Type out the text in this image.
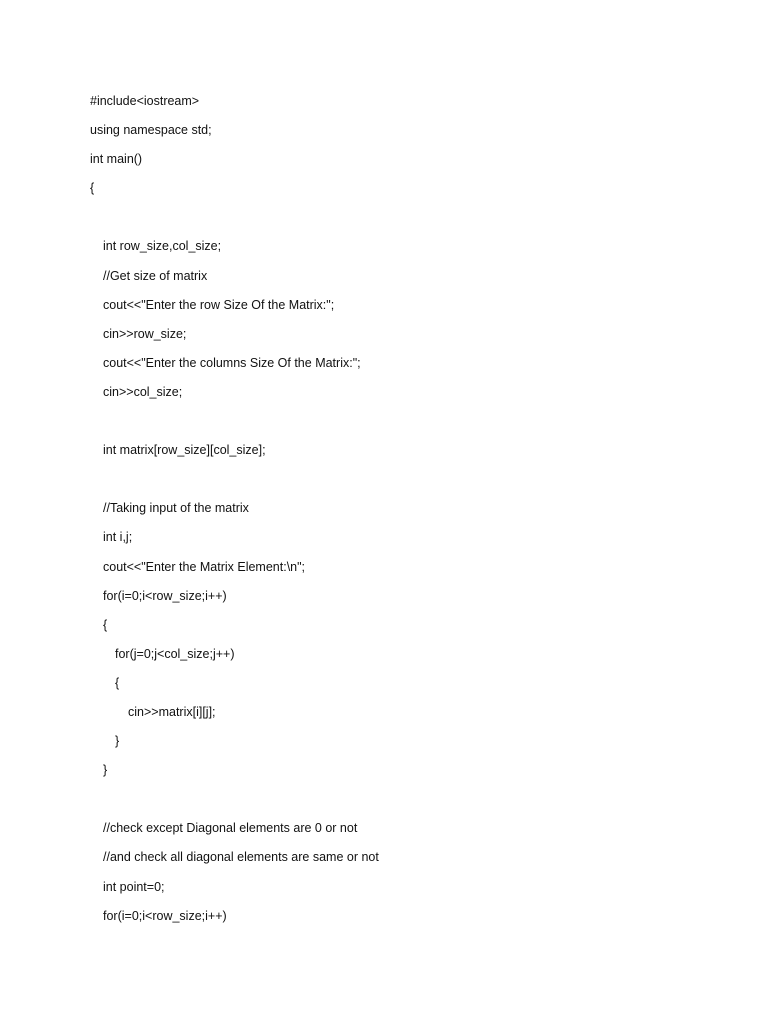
#include<iostream>
using namespace std;
int main()
{
int row_size,col_size;
//Get size of matrix
cout<<"Enter the row Size Of the Matrix:";
cin>>row_size;
cout<<"Enter the columns Size Of the Matrix:";
cin>>col_size;
int matrix[row_size][col_size];
//Taking input of the matrix
int i,j;
cout<<"Enter the Matrix Element:\n";
for(i=0;i<row_size;i++)
{
for(j=0;j<col_size;j++)
{
cin>>matrix[i][j];
}
}
//check except Diagonal elements are 0 or not
//and check all diagonal elements are same or not
int point=0;
for(i=0;i<row_size;i++)
